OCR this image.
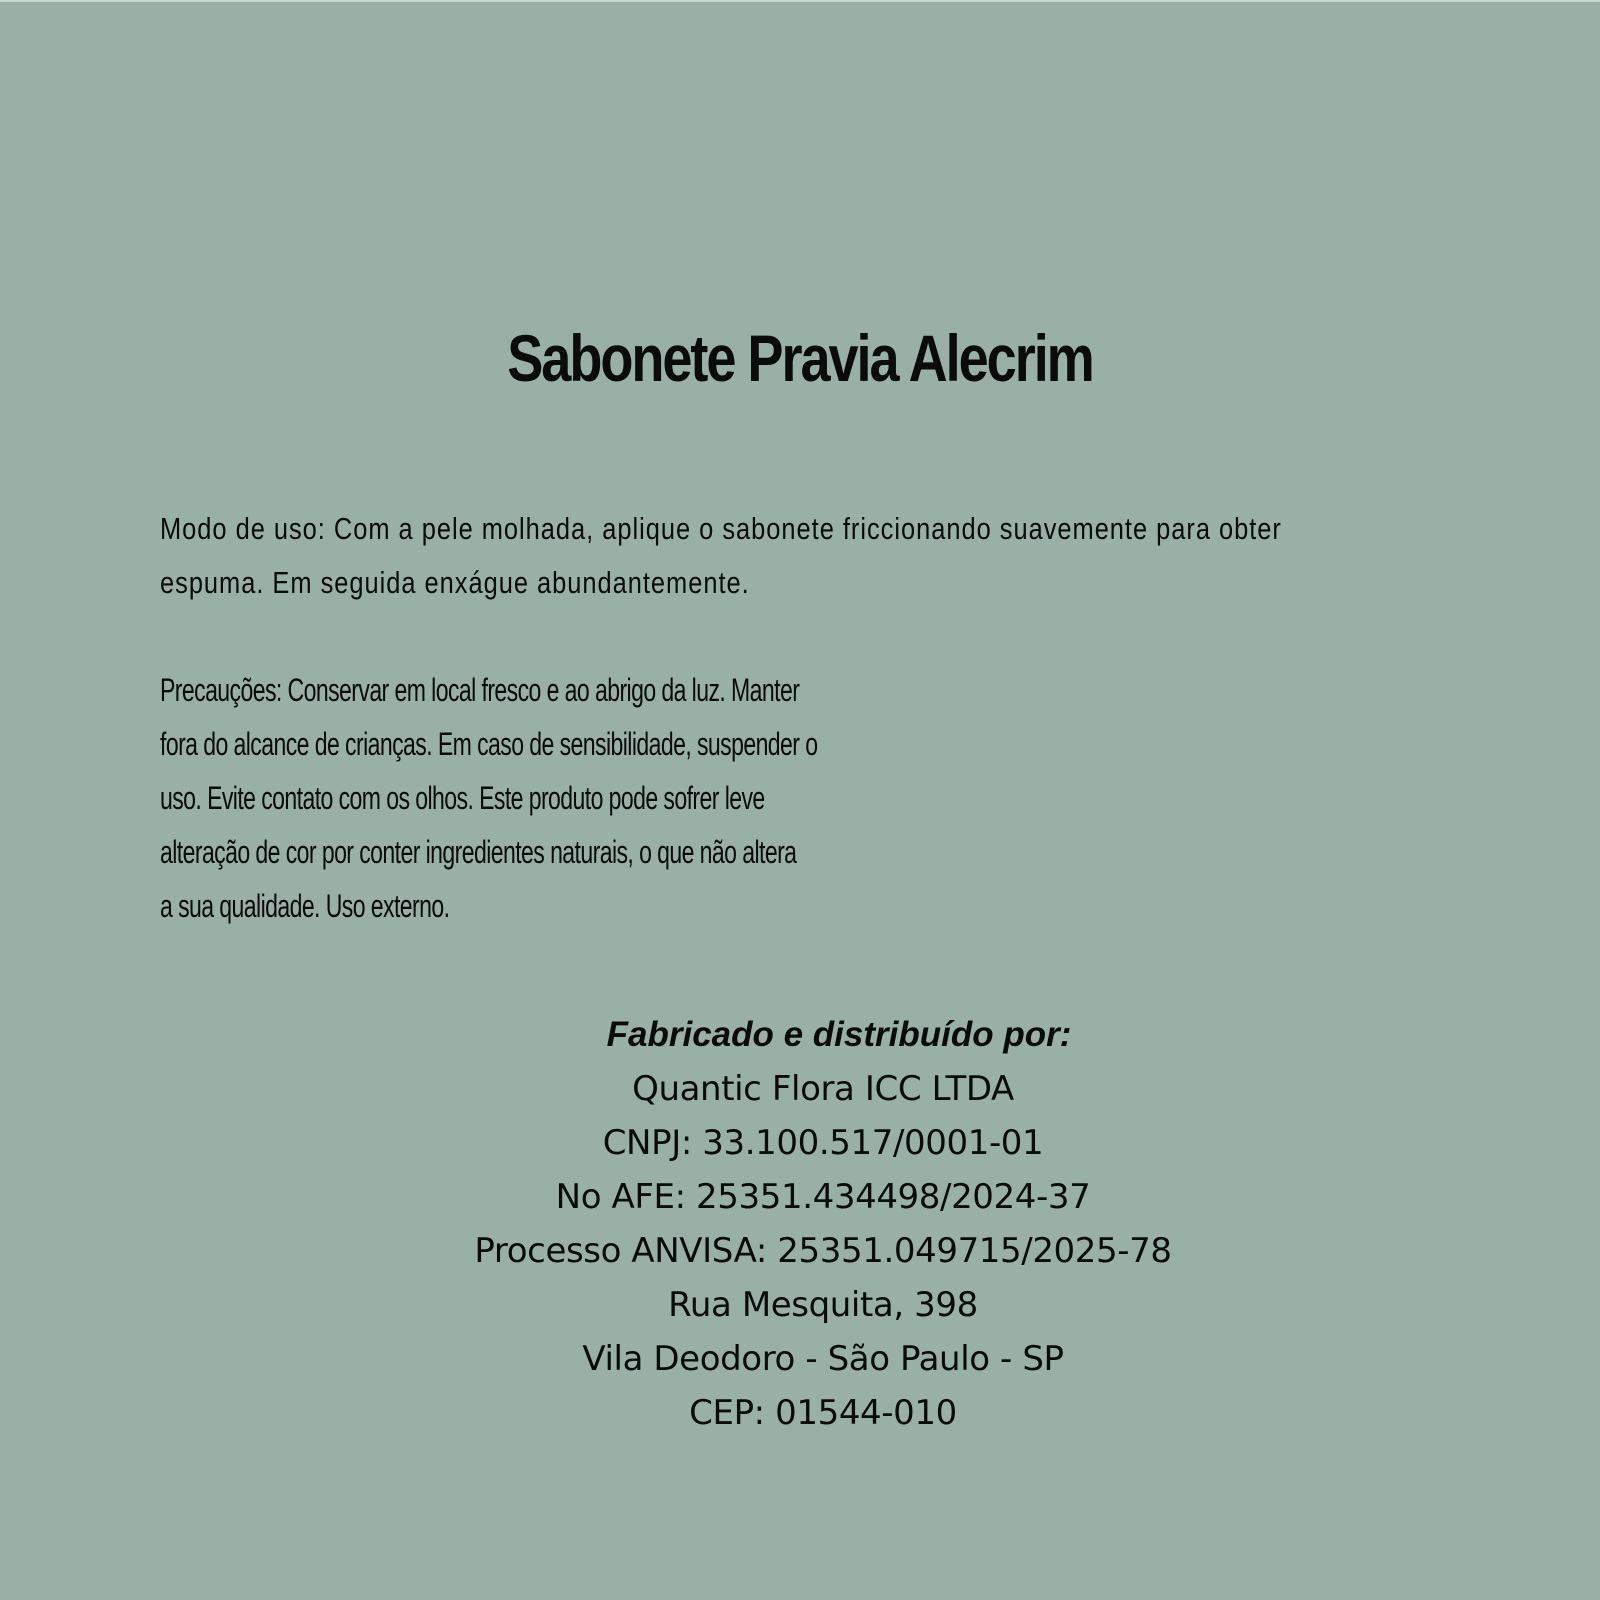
Sabonete Pravia Alecrim

Modo de uso: Com a pele molhada, aplique o sabonete friccionando suavemente para obter

espuma. Em seguida enxágue abundantemente.

Precauções: Conservar em local fresco e ao abrigo da luz. Manter

fora do alcance de crianças. Em caso de sensibilidade, suspender o

uso. Evite contato com os olhos. Este produto pode sofrer leve

alteração de cor por conter ingredientes naturais, o que não altera

a sua qualidade. Uso externo.

Fabricado e distribuído por:
Quantic Flora ICC LTDA
CNPJ: 33.100.517/0001-01
No AFE: 25351.434498/2024-37
Processo ANVISA: 25351.049715/2025-78
Rua Mesquita, 398
Vila Deodoro - São Paulo - SP
CEP: 01544-010
